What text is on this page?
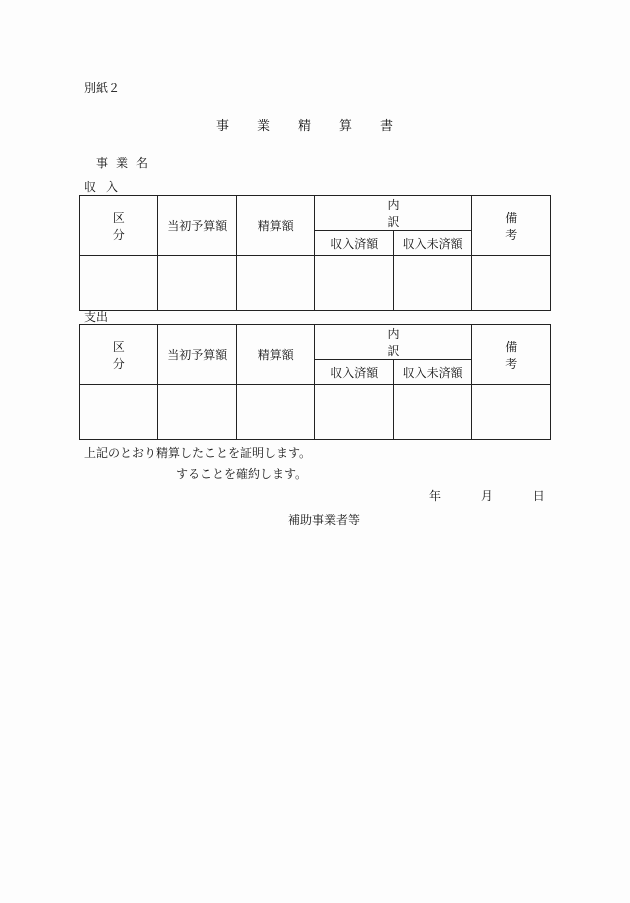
別紙２
事業精算書
事業名
収入
区分	当初予算額	精算額	内訳		備考
			収入済額	収入未済額	

支出
区分	当初予算額	精算額	内訳		備考
			収入済額	収入未済額	

上記のとおり精算したことを証明します。
することを確約します。
年	月	日
補助事業者等
